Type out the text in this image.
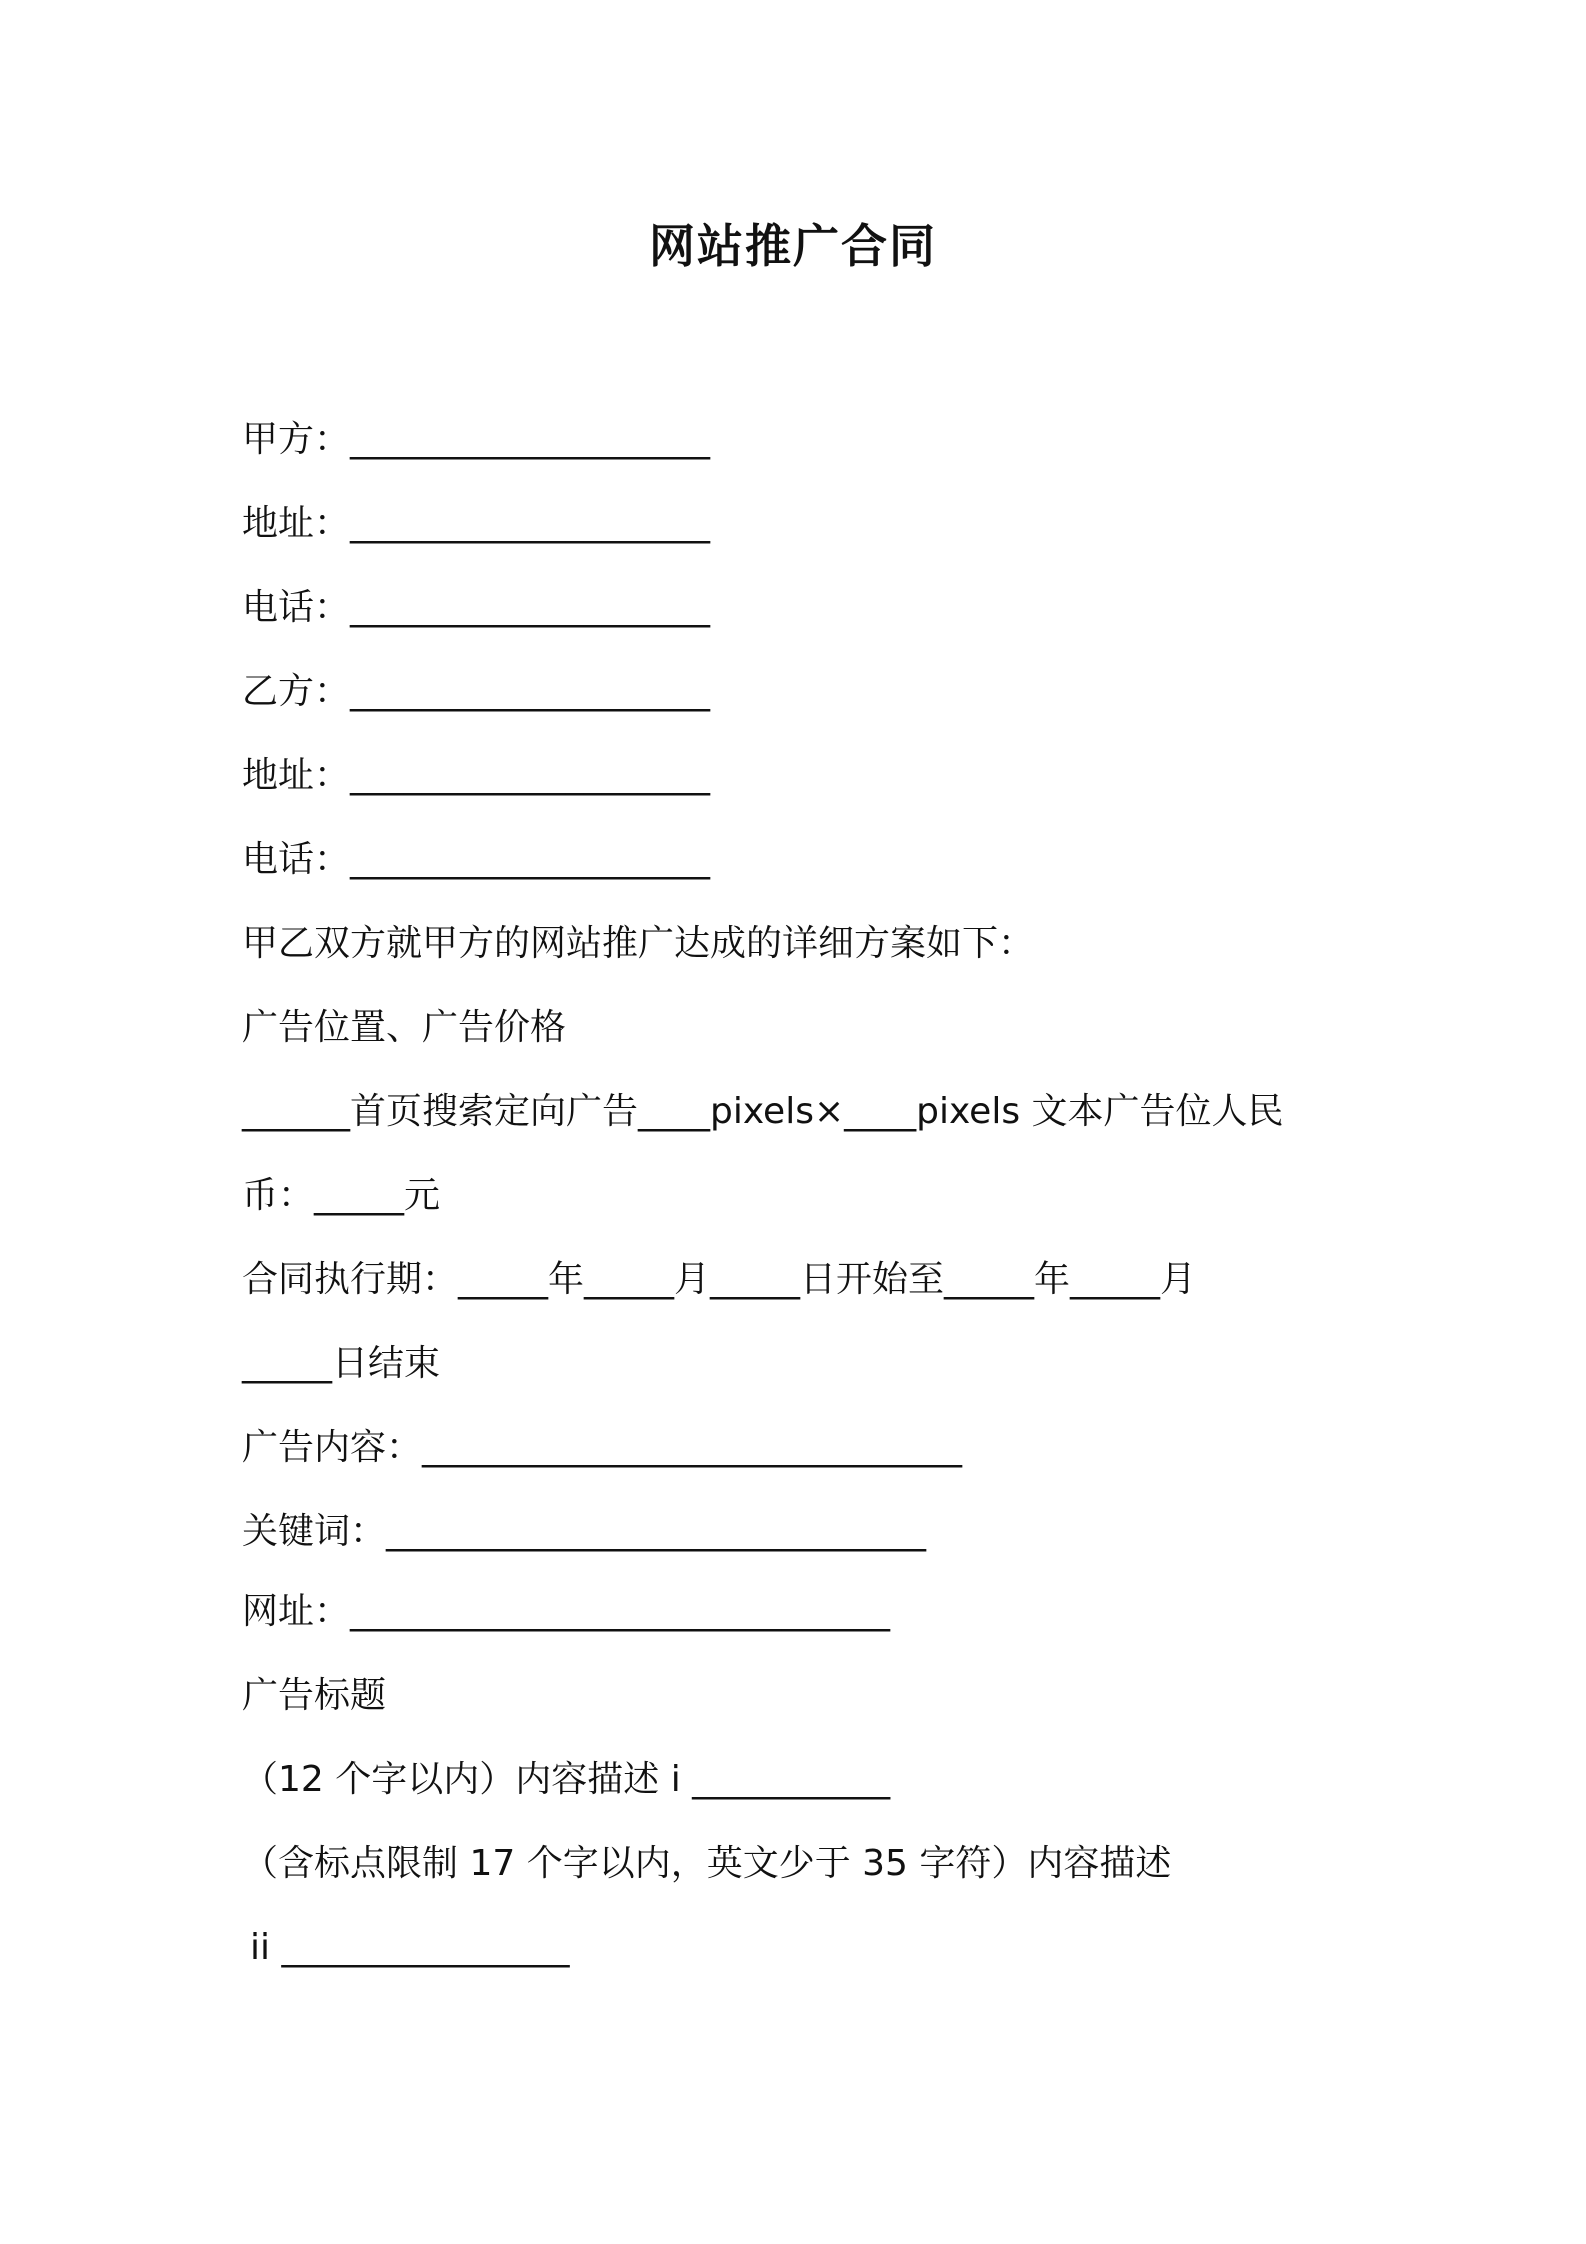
网站推广合同
甲方：____________________
地址：____________________
电话：____________________
乙方：____________________
地址：____________________
电话：____________________
甲乙双方就甲方的网站推广达成的详细方案如下：
广告位置、广告价格
______首页搜索定向广告____pixels×____pixels 文本广告位人民
币：_____元
合同执行期：_____年_____月_____日开始至_____年_____月
_____日结束
广告内容：______________________________
关键词：______________________________
网址：______________________________
广告标题
（12 个字以内）内容描述 i ___________
（含标点限制 17 个字以内，英文少于 35 字符）内容描述
ii ________________
